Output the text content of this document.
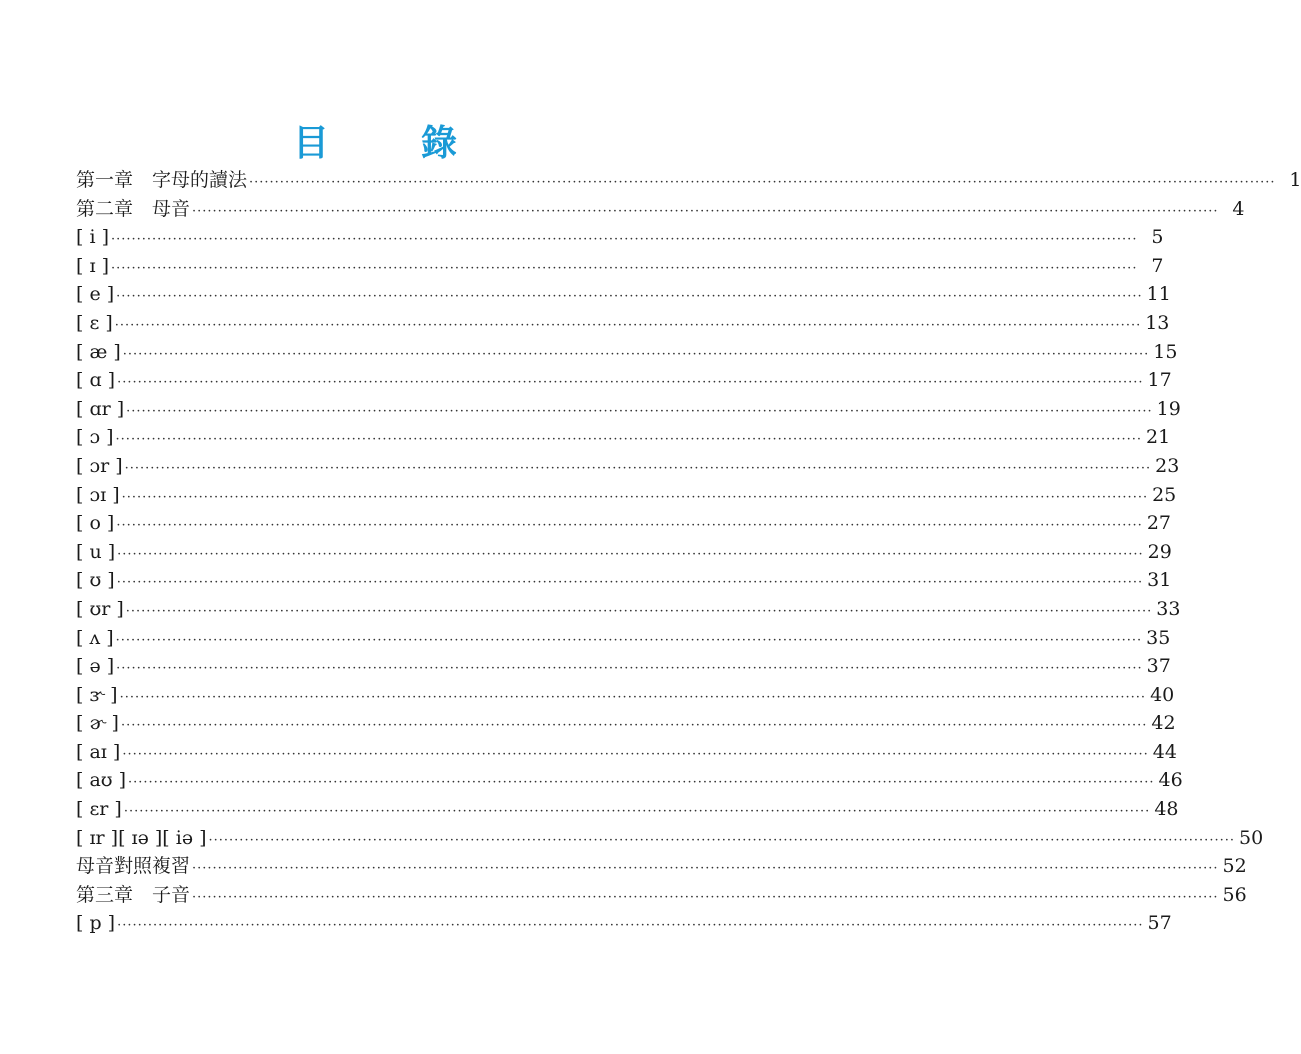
目　錄
第一章　字母的讀法 ········································································································································································································ 1
第二章　母音 ········································································································································································································ 4
[ i ] ········································································································································································································ 5
[ ɪ ] ········································································································································································································ 7
[ e ] ········································································································································································································ 11
[ ɛ ] ········································································································································································································ 13
[ æ ] ········································································································································································································ 15
[ ɑ ] ········································································································································································································ 17
[ ɑr ] ········································································································································································································ 19
[ ɔ ] ········································································································································································································ 21
[ ɔr ] ········································································································································································································ 23
[ ɔɪ ] ········································································································································································································ 25
[ o ] ········································································································································································································ 27
[ u ] ········································································································································································································ 29
[ ʊ ] ········································································································································································································ 31
[ ʊr ] ········································································································································································································ 33
[ ʌ ] ········································································································································································································ 35
[ ə ] ········································································································································································································ 37
[ ɝ ] ········································································································································································································ 40
[ ɚ ] ········································································································································································································ 42
[ aɪ ] ········································································································································································································ 44
[ aʊ ] ········································································································································································································ 46
[ ɛr ] ········································································································································································································ 48
[ ɪr ][ ɪə ][ iə ] ········································································································································································································ 50
母音對照複習 ········································································································································································································ 52
第三章　子音 ········································································································································································································ 56
[ p ] ········································································································································································································ 57
